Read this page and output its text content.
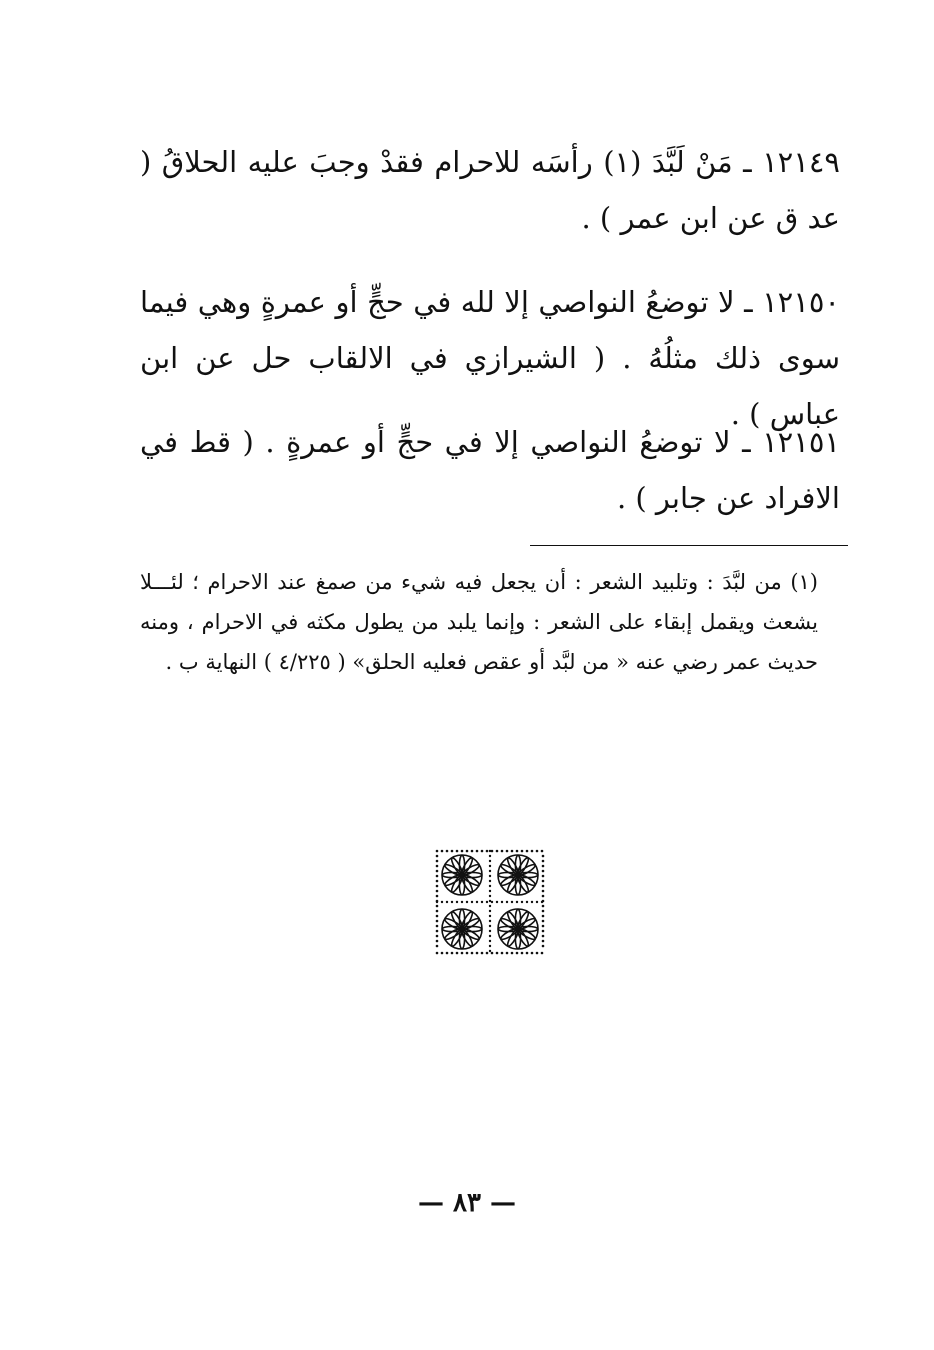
١٢١٤٩ ـ مَنْ لَبَّدَ (١) رأسَه للاحرام فقدْ وجبَ عليه الحلاقُ ( عد ق عن ابن عمر ) .

١٢١٥٠ ـ لا توضعُ النواصي إلا لله في حجٍّ أو عمرةٍ وهي فيما سوى ذلك مثلُهُ . ( الشيرازي في الالقاب حل عن ابن عباس ) .

١٢١٥١ ـ لا توضعُ النواصي إلا في حجٍّ أو عمرةٍ . ( قط في الافراد عن جابر ) .

(١) من لبَّدَ : وتلبيد الشعر : أن يجعل فيه شيء من صمغ عند الاحرام ؛ لئـــلا يشعث ويقمل إبقاء على الشعر : وإنما يلبد من يطول مكثه في الاحرام ، ومنه حديث عمر رضي عنه « من لبَّد أو عقص فعليه الحلق» ( ٤/٢٢٥ ) النهاية ب .

— ٨٣ —
